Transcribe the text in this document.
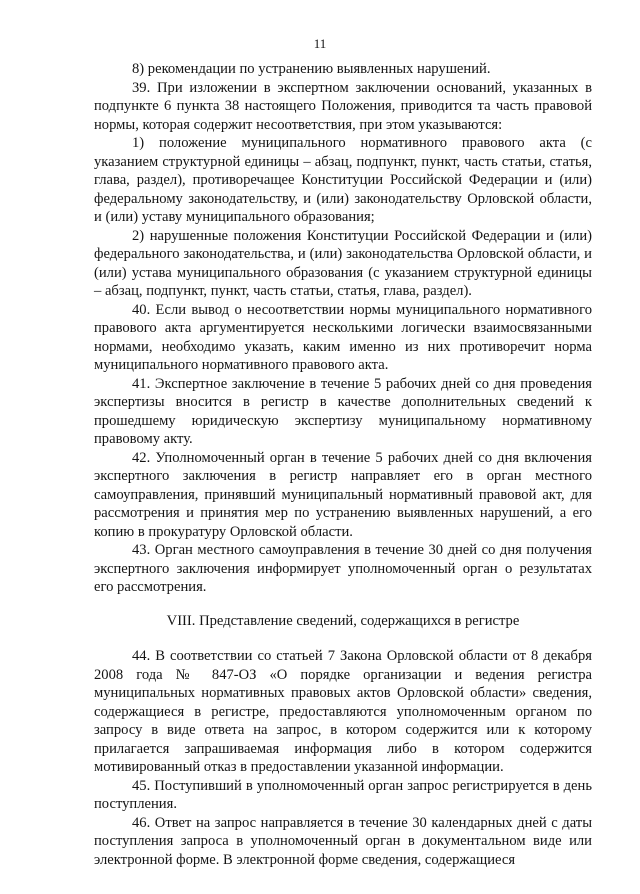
11

8) рекомендации по устранению выявленных нарушений.

39. При изложении в экспертном заключении оснований, указанных в подпункте 6 пункта 38 настоящего Положения, приводится та часть правовой нормы, которая содержит несоответствия, при этом указываются:

1) положение муниципального нормативного правового акта (с указанием структурной единицы – абзац, подпункт, пункт, часть статьи, статья, глава, раздел), противоречащее Конституции Российской Федерации и (или) федеральному законодательству, и (или) законодательству Орловской области, и (или) уставу муниципального образования;

2) нарушенные положения Конституции Российской Федерации и (или) федерального законодательства, и (или) законодательства Орловской области, и (или) устава муниципального образования (с указанием структурной единицы – абзац, подпункт, пункт, часть статьи, статья, глава, раздел).

40. Если вывод о несоответствии нормы муниципального нормативного правового акта аргументируется несколькими логически взаимосвязанными нормами, необходимо указать, каким именно из них противоречит норма муниципального нормативного правового акта.

41. Экспертное заключение в течение 5 рабочих дней со дня проведения экспертизы вносится в регистр в качестве дополнительных сведений к прошедшему юридическую экспертизу муниципальному нормативному правовому акту.

42. Уполномоченный орган в течение 5 рабочих дней со дня включения экспертного заключения в регистр направляет его в орган местного самоуправления, принявший муниципальный нормативный правовой акт, для рассмотрения и принятия мер по устранению выявленных нарушений, а его копию в прокуратуру Орловской области.

43. Орган местного самоуправления в течение 30 дней со дня получения экспертного заключения информирует уполномоченный орган о результатах его рассмотрения.

VIII. Представление сведений, содержащихся в регистре

44. В соответствии со статьей 7 Закона Орловской области от 8 декабря 2008 года № 847-ОЗ «О порядке организации и ведения регистра муниципальных нормативных правовых актов Орловской области» сведения, содержащиеся в регистре, предоставляются уполномоченным органом по запросу в виде ответа на запрос, в котором содержится или к которому прилагается запрашиваемая информация либо в котором содержится мотивированный отказ в предоставлении указанной информации.

45. Поступивший в уполномоченный орган запрос регистрируется в день поступления.

46. Ответ на запрос направляется в течение 30 календарных дней с даты поступления запроса в уполномоченный орган в документальном виде или электронной форме. В электронной форме сведения, содержащиеся
